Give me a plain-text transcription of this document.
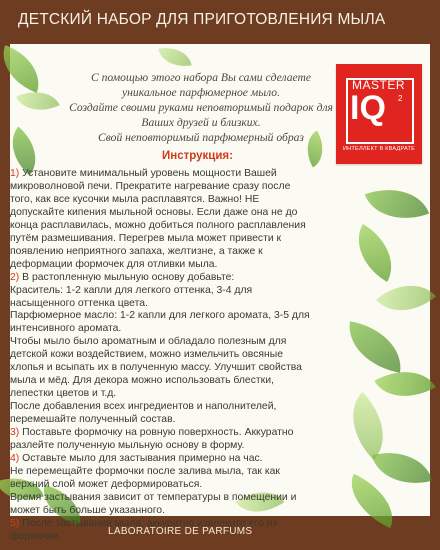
ДЕТСКИЙ НАБОР ДЛЯ ПРИГОТОВЛЕНИЯ МЫЛА
С помощью этого набора Вы сами сделаете
уникальное парфюмерное мыло.
Создайте своими руками неповторимый подарок для
Ваших друзей и близких.
Свой неповторимый парфюмерный образ
MASTER
IQ 2
ИНТЕЛЛЕКТ В КВАДРАТЕ
Инструкция:
1) Установите минимальный уровень мощности Вашей
микроволновой печи. Прекратите нагревание сразу после
того, как все кусочки мыла расплавятся. Важно! НЕ
допускайте кипения мыльной основы. Если даже она не до
конца расплавилась, можно добиться полного расплавления
путём размешивания. Перегрев мыла может привести к
появлению неприятного запаха, желтизне, а также к
деформации формочек для отливки мыла.
2) В растопленную мыльную основу добавьте:
Краситель: 1-2 капли для легкого оттенка, 3-4 для
насыщенного оттенка цвета.
Парфюмерное масло: 1-2 капли для легкого аромата, 3-5 для
интенсивного аромата.
Чтобы мыло было ароматным и обладало полезным для
детской кожи воздействием, можно измельчить овсяные
хлопья и всыпать их в полученную массу. Улучшит свойства
мыла и мёд. Для декора можно использовать блестки,
лепестки цветов и т.д.
После добавления всех ингредиентов и наполнителей,
перемешайте полученный состав.
3) Поставьте формочку на ровную поверхность. Аккуратно
разлейте полученную мыльную основу в форму.
4) Оставьте мыло для застывания примерно на час.
Не перемещайте формочки после залива мыла, так как
верхний слой может деформироваться.
Время застывания зависит от температуры в помещении и
может быть больше указанного.
5) После застывания мыла, аккуратно извлеките его из
формочки.	LABORATOIRE DE PARFUMS
